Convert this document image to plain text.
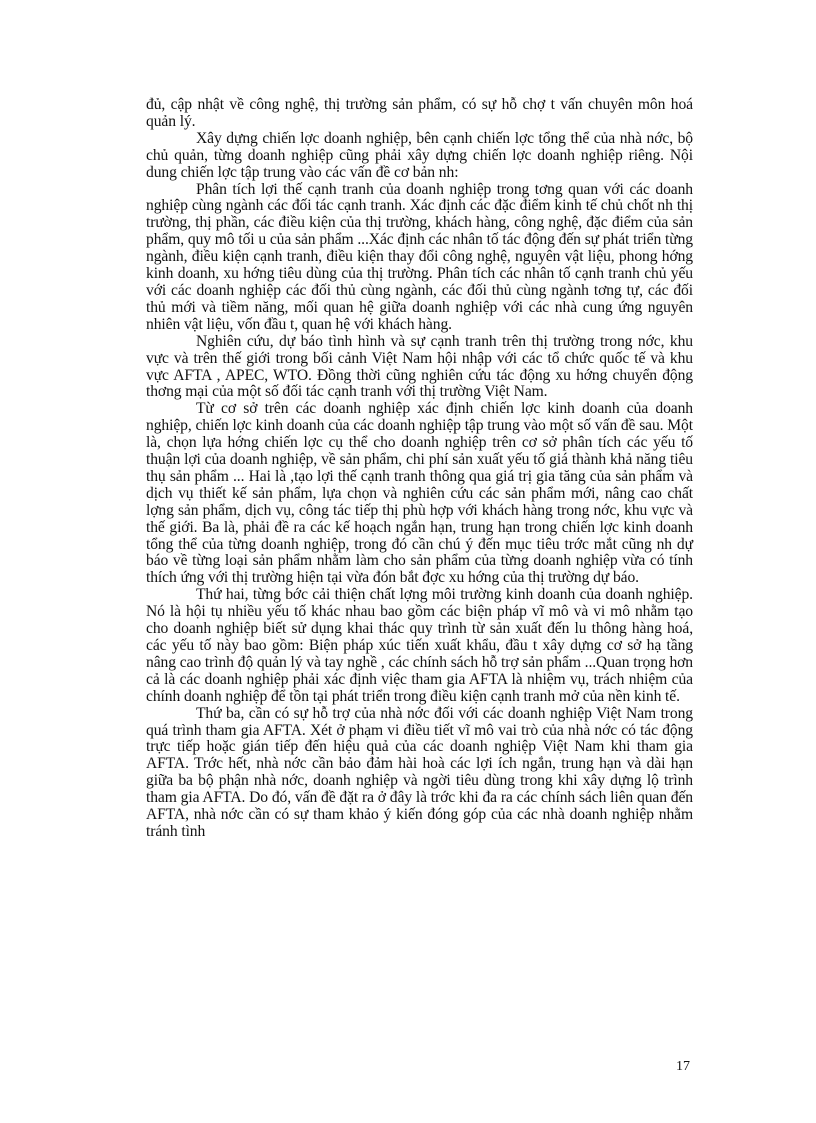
đủ, cập nhật về công nghệ, thị trường sản phẩm, có sự hỗ chợ t vấn chuyên môn hoá quản lý.

Xây dựng chiến lợc doanh nghiệp, bên cạnh chiến lợc tổng thể của nhà nớc, bộ chủ quản, từng doanh nghiệp cũng phải xây dựng chiến lợc doanh nghiệp riêng. Nội dung chiến lợc tập trung vào các vấn đề cơ bản nh:

Phân tích lợi thế cạnh tranh của doanh nghiệp trong tơng quan với các doanh nghiệp cùng ngành các đối tác cạnh tranh. Xác định các đặc điểm kinh tế chủ chốt nh thị trường, thị phần, các điều kiện của thị trường, khách hàng, công nghệ, đặc điểm của sản phẩm, quy mô tối u của sản phẩm ...Xác định các nhân tố tác động đến sự phát triển từng ngành, điều kiện cạnh tranh, điều kiện thay đổi công nghệ, nguyên vật liệu, phong hớng kinh doanh, xu hớng tiêu dùng của thị trường. Phân tích các nhân tố cạnh tranh chủ yếu với các doanh nghiệp các đối thủ cùng ngành, các đối thủ cùng ngành tơng tự, các đối thủ mới và tiềm năng, mối quan hệ giữa doanh nghiệp với các nhà cung ứng nguyên nhiên vật liệu, vốn đầu t, quan hệ với khách hàng.

Nghiên cứu, dự báo tình hình và sự cạnh tranh trên thị trường trong nớc, khu vực và trên thế giới trong bối cảnh Việt Nam hội nhập với các tổ chức quốc tế và khu vực AFTA , APEC, WTO. Đồng thời cũng nghiên cứu tác động xu hớng chuyển động thơng mại của một số đối tác cạnh tranh với thị trường Việt Nam.

Từ cơ sở trên các doanh nghiệp xác định chiến lợc kinh doanh của doanh nghiệp, chiến lợc kinh doanh của các doanh nghiệp tập trung vào một số vấn đề sau. Một là, chọn lựa hớng chiến lợc cụ thể cho doanh nghiệp trên cơ sở phân tích các yếu tố thuận lợi của doanh nghiệp, về sản phẩm, chi phí sản xuất yếu tố giá thành khả năng tiêu thụ sản phẩm ... Hai là ,tạo lợi thế cạnh tranh thông qua giá trị gia tăng của sản phẩm và dịch vụ thiết kế sản phẩm, lựa chọn và nghiên cứu các sản phẩm mới, nâng cao chất lợng sản phẩm, dịch vụ, công tác tiếp thị phù hợp với khách hàng trong nớc, khu vực và thế giới. Ba là, phải đề ra các kế hoạch ngắn hạn, trung hạn trong chiến lợc kinh doanh tổng thể của từng doanh nghiệp, trong đó cần chú ý đến mục tiêu trớc mắt cũng nh dự báo về từng loại sản phẩm nhằm làm cho sản phẩm của từng doanh nghiệp vừa có tính thích ứng với thị trường hiện tại vừa đón bắt đợc xu hớng của thị trường dự báo.

Thứ hai, từng bớc cải thiện chất lợng môi trường kinh doanh của doanh nghiệp. Nó là hội tụ nhiều yếu tố khác nhau bao gồm các biện pháp vĩ mô và vi mô nhằm tạo cho doanh nghiệp biết sử dụng khai thác quy trình từ sản xuất đến lu thông hàng hoá, các yếu tố này bao gồm: Biện pháp xúc tiến xuất khẩu, đầu t xây dựng cơ sở hạ tầng nâng cao trình độ quản lý và tay nghề , các chính sách hỗ trợ sản phẩm ...Quan trọng hơn cả là các doanh nghiệp phải xác định việc tham gia AFTA là nhiệm vụ, trách nhiệm của chính doanh nghiệp để tồn tại phát triển trong điều kiện cạnh tranh mở của nền kinh tế.

Thứ ba, cần có sự hỗ trợ của nhà nớc đối với các doanh nghiệp Việt Nam trong quá trình tham gia AFTA. Xét ở phạm vi điều tiết vĩ mô vai trò của nhà nớc có tác động trực tiếp hoặc gián tiếp đến hiệu quả của các doanh nghiệp Việt Nam khi tham gia AFTA. Trớc hết, nhà nớc cần bảo đảm hài hoà các lợi ích ngắn, trung hạn và dài hạn giữa ba bộ phận nhà nớc, doanh nghiệp và ngời tiêu dùng trong khi xây dựng lộ trình tham gia AFTA. Do đó, vấn đề đặt ra ở đây là trớc khi đa ra các chính sách liên quan đến AFTA, nhà nớc cần có sự tham khảo ý kiến đóng góp của các nhà doanh nghiệp nhằm tránh tình

17
